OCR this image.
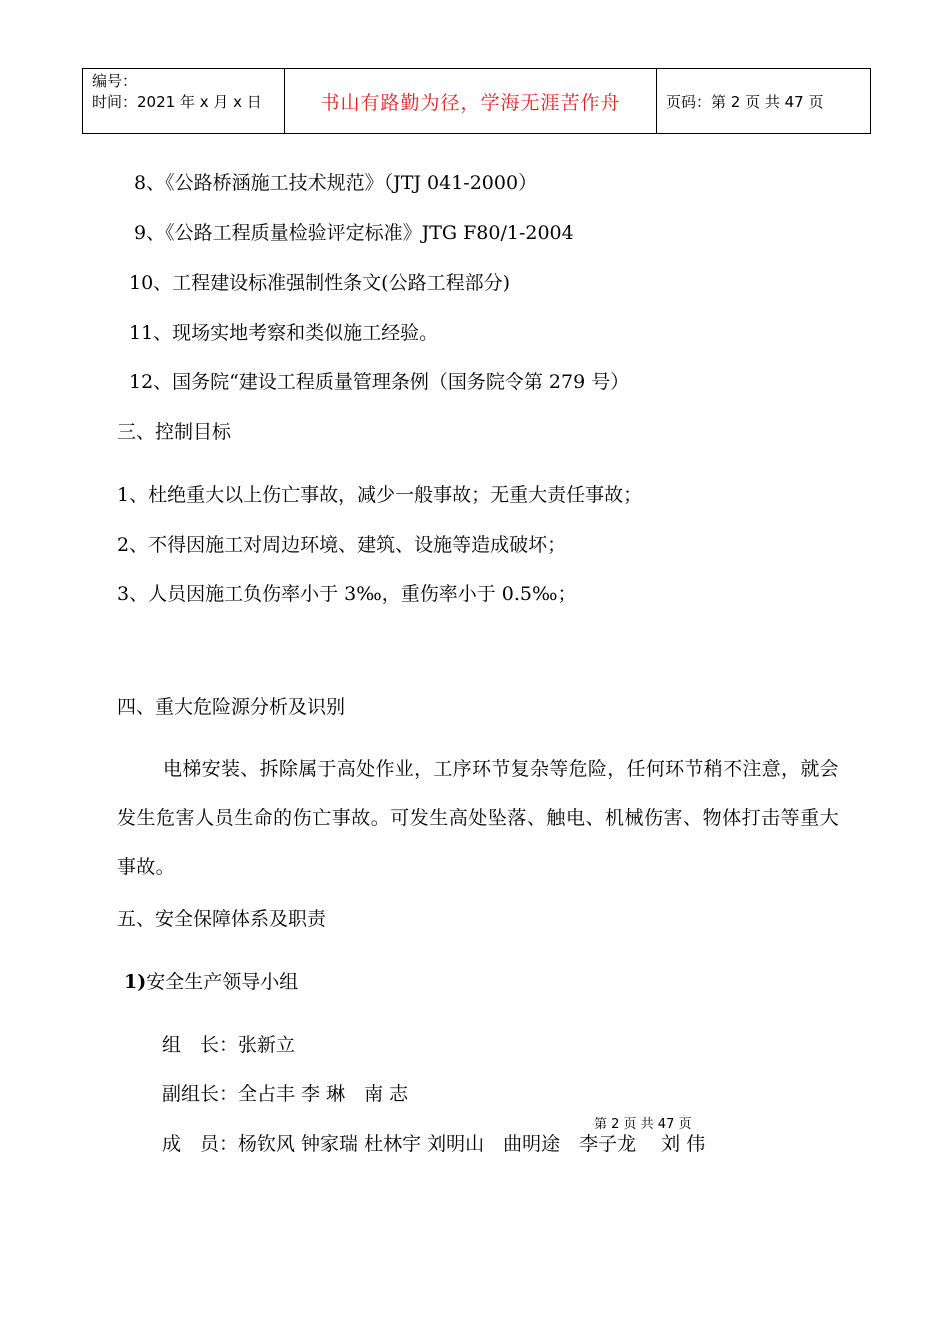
编号：
时间：2021 年 x 月 x 日	书山有路勤为径，学海无涯苦作舟	页码：第 2 页 共 47 页
8、《公路桥涵施工技术规范》（JTJ 041-2000）
9、《公路工程质量检验评定标准》JTG F80/1-2004
10、工程建设标准强制性条文(公路工程部分)
11、现场实地考察和类似施工经验。
12、国务院“建设工程质量管理条例（国务院令第 279 号）
三、控制目标
1、杜绝重大以上伤亡事故，减少一般事故；无重大责任事故；
2、不得因施工对周边环境、建筑、设施等造成破坏；
3、人员因施工负伤率小于 3‰，重伤率小于 0.5‰；
四、重大危险源分析及识别
电梯安装、拆除属于高处作业，工序环节复杂等危险，任何环节稍不注意，就会发生危害人员生命的伤亡事故。可发生高处坠落、触电、机械伤害、物体打击等重大事故。
五、安全保障体系及职责
1)安全生产领导小组
组　长：张新立
副组长：全占丰 李 琳　南 志
第 2 页 共 47 页
成　员：杨钦风 钟家瑞 杜林宇 刘明山　曲明途　李子龙　 刘 伟
